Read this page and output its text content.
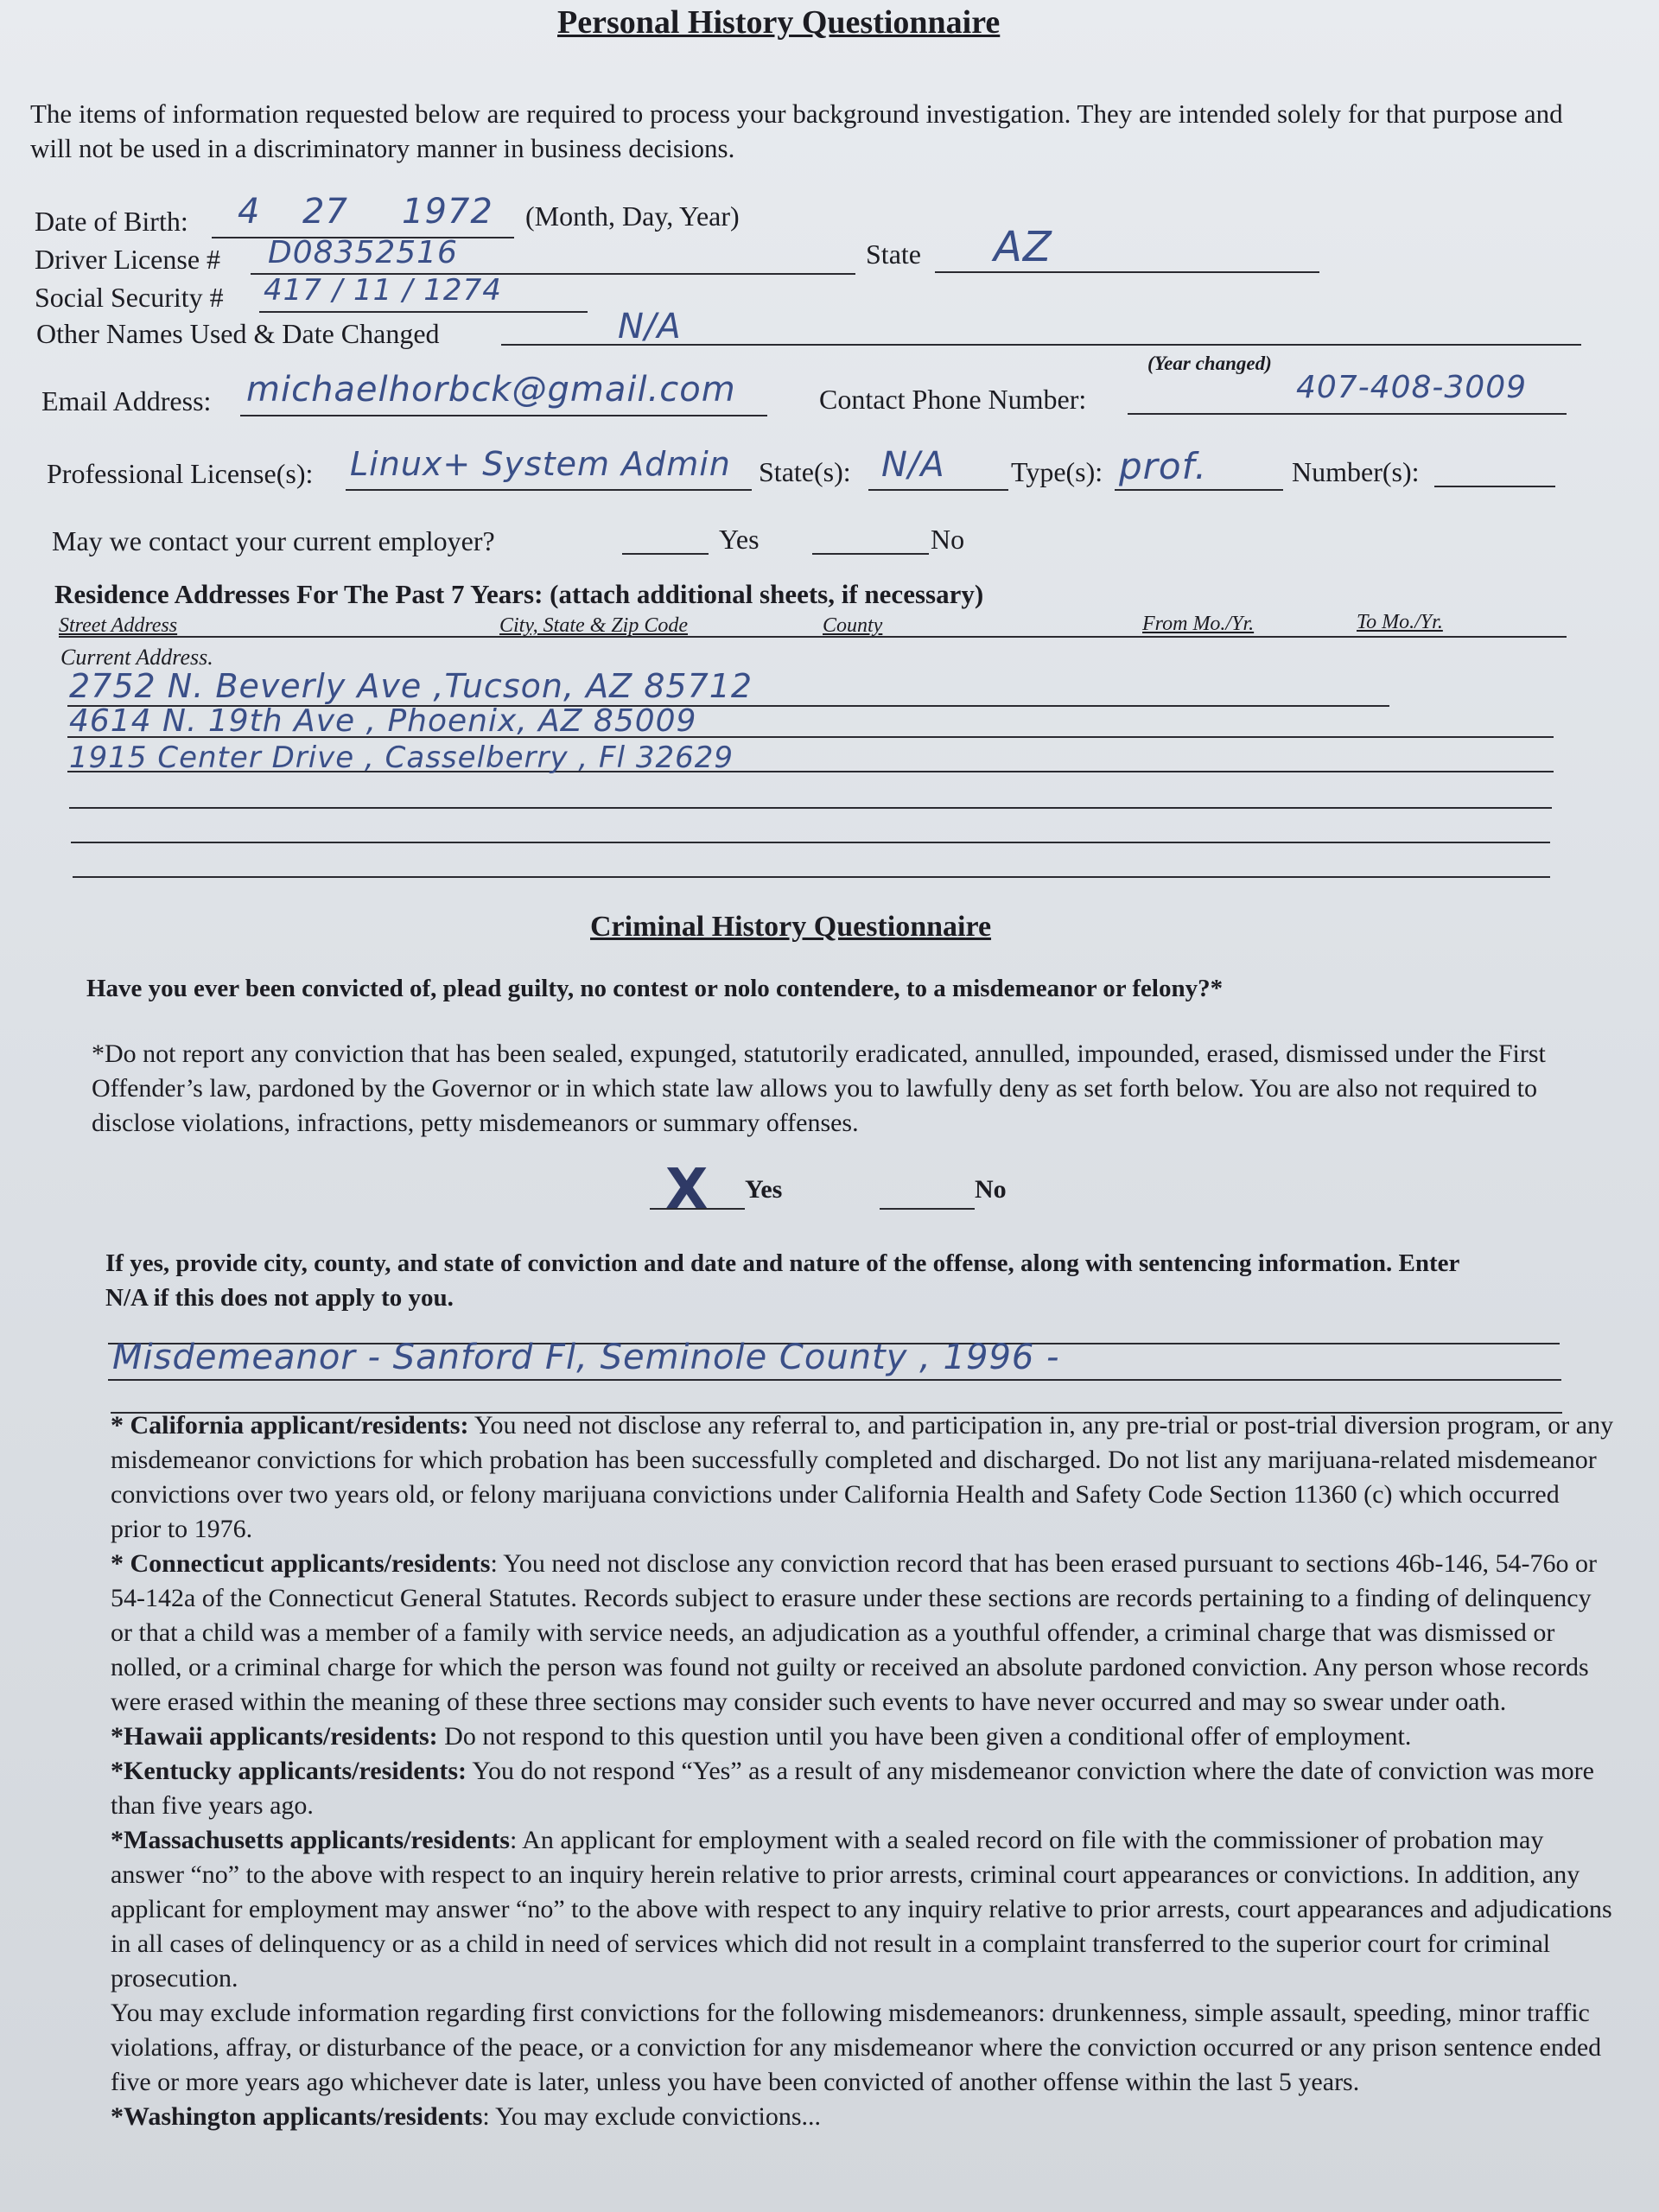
Personal History Questionnaire
The items of information requested below are required to process your background investigation. They are intended solely for that purpose and will not be used in a discriminatory manner in business decisions.
Date of Birth: 4 27 1972 (Month, Day, Year)
Driver License # D08352516	State AZ
Social Security # 417 / 11 / 1274
Other Names Used & Date Changed	N/A
(Year changed)
Email Address: michaelhorbck@gmail.com	Contact Phone Number:	407-408-3009
Professional License(s): Linux+ System Admin State(s): N/A Type(s): prof.	Number(s):
May we contact your current employer?	Yes	No
Residence Addresses For The Past 7 Years: (attach additional sheets, if necessary)
Street Address	City, State & Zip Code	County	From Mo./Yr.	To Mo./Yr.
Current Address.
2752 N. Beverly Ave ,Tucson, AZ 85712
4614 N. 19th Ave , Phoenix, AZ 85009
1915 Center Drive , Casselberry , Fl 32629
Criminal History Questionnaire
Have you ever been convicted of, plead guilty, no contest or nolo contendere, to a misdemeanor or felony?*
*Do not report any conviction that has been sealed, expunged, statutorily eradicated, annulled, impounded, erased, dismissed under the First Offender’s law, pardoned by the Governor or in which state law allows you to lawfully deny as set forth below. You are also not required to disclose violations, infractions, petty misdemeanors or summary offenses.
X Yes	No
If yes, provide city, county, and state of conviction and date and nature of the offense, along with sentencing information. Enter N/A if this does not apply to you.
Misdemeanor - Sanford Fl, Seminole County , 1996 -

* California applicant/residents: You need not disclose any referral to, and participation in, any pre-trial or post-trial diversion program, or any misdemeanor convictions for which probation has been successfully completed and discharged. Do not list any marijuana-related misdemeanor convictions over two years old, or felony marijuana convictions under California Health and Safety Code Section 11360 (c) which occurred prior to 1976.

* Connecticut applicants/residents: You need not disclose any conviction record that has been erased pursuant to sections 46b-146, 54-76o or 54-142a of the Connecticut General Statutes. Records subject to erasure under these sections are records pertaining to a finding of delinquency or that a child was a member of a family with service needs, an adjudication as a youthful offender, a criminal charge that was dismissed or nolled, or a criminal charge for which the person was found not guilty or received an absolute pardoned conviction. Any person whose records were erased within the meaning of these three sections may consider such events to have never occurred and may so swear under oath.

*Hawaii applicants/residents: Do not respond to this question until you have been given a conditional offer of employment.

*Kentucky applicants/residents: You do not respond “Yes” as a result of any misdemeanor conviction where the date of conviction was more than five years ago.

*Massachusetts applicants/residents: An applicant for employment with a sealed record on file with the commissioner of probation may answer “no” to the above with respect to an inquiry herein relative to prior arrests, criminal court appearances or convictions. In addition, any applicant for employment may answer “no” to the above with respect to any inquiry relative to prior arrests, court appearances and adjudications in all cases of delinquency or as a child in need of services which did not result in a complaint transferred to the superior court for criminal prosecution.

You may exclude information regarding first convictions for the following misdemeanors: drunkenness, simple assault, speeding, minor traffic violations, affray, or disturbance of the peace, or a conviction for any misdemeanor where the conviction occurred or any prison sentence ended five or more years ago whichever date is later, unless you have been convicted of another offense within the last 5 years.

*Washington applicants/residents: You may exclude convictions...
